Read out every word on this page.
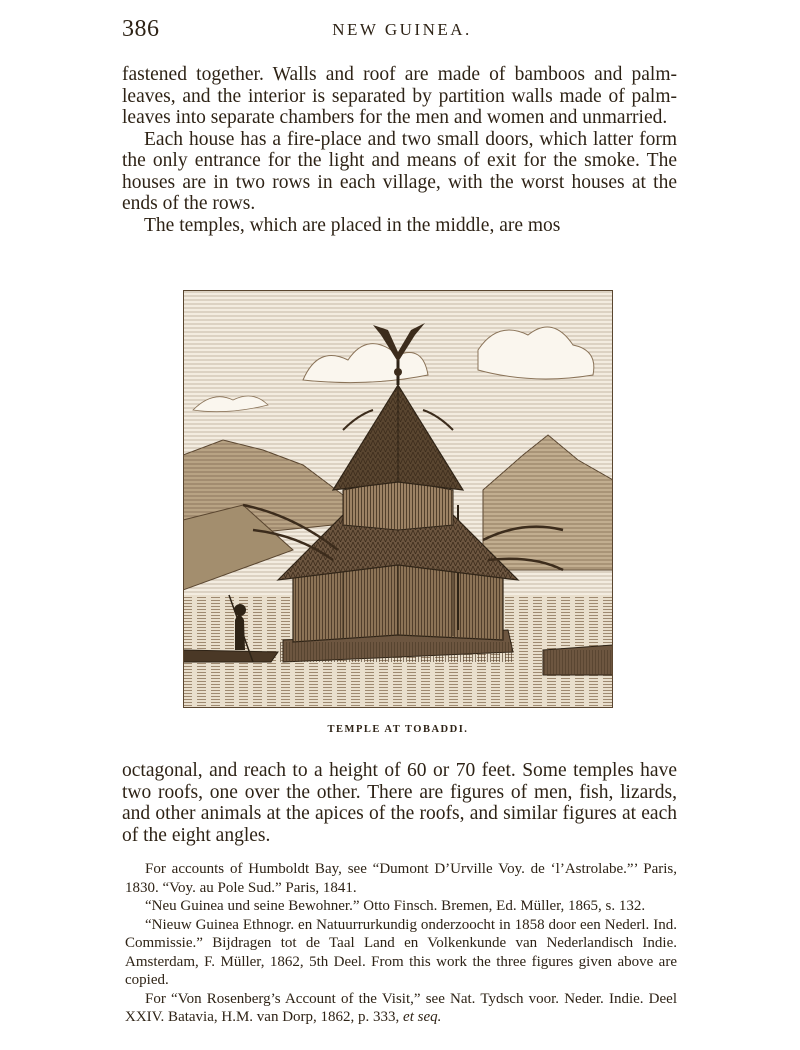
386	NEW GUINEA.

fastened together. Walls and roof are made of bamboos and palm-leaves, and the interior is separated by partition walls made of palm-leaves into separate chambers for the men and women and unmarried.

Each house has a fire-place and two small doors, which latter form the only entrance for the light and means of exit for the smoke. The houses are in two rows in each village, with the worst houses at the ends of the rows.

The temples, which are placed in the middle, are mos

TEMPLE AT TOBADDI.

octagonal, and reach to a height of 60 or 70 feet. Some temples have two roofs, one over the other. There are figures of men, fish, lizards, and other animals at the apices of the roofs, and similar figures at each of the eight angles.

For accounts of Humboldt Bay, see “Dumont D’Urville Voy. de ‘l’Astrolabe.”’ Paris, 1830. “Voy. au Pole Sud.” Paris, 1841.

“Neu Guinea und seine Bewohner.” Otto Finsch. Bremen, Ed. Müller, 1865, s. 132.

“Nieuw Guinea Ethnogr. en Natuurrurkundig onderzoocht in 1858 door een Nederl. Ind. Commissie.” Bijdragen tot de Taal Land en Volkenkunde van Nederlandisch Indie. Amsterdam, F. Müller, 1862, 5th Deel. From this work the three figures given above are copied.

For “Von Rosenberg’s Account of the Visit,” see Nat. Tydsch voor. Neder. Indie. Deel XXIV. Batavia, H.M. van Dorp, 1862, p. 333, et seq.
